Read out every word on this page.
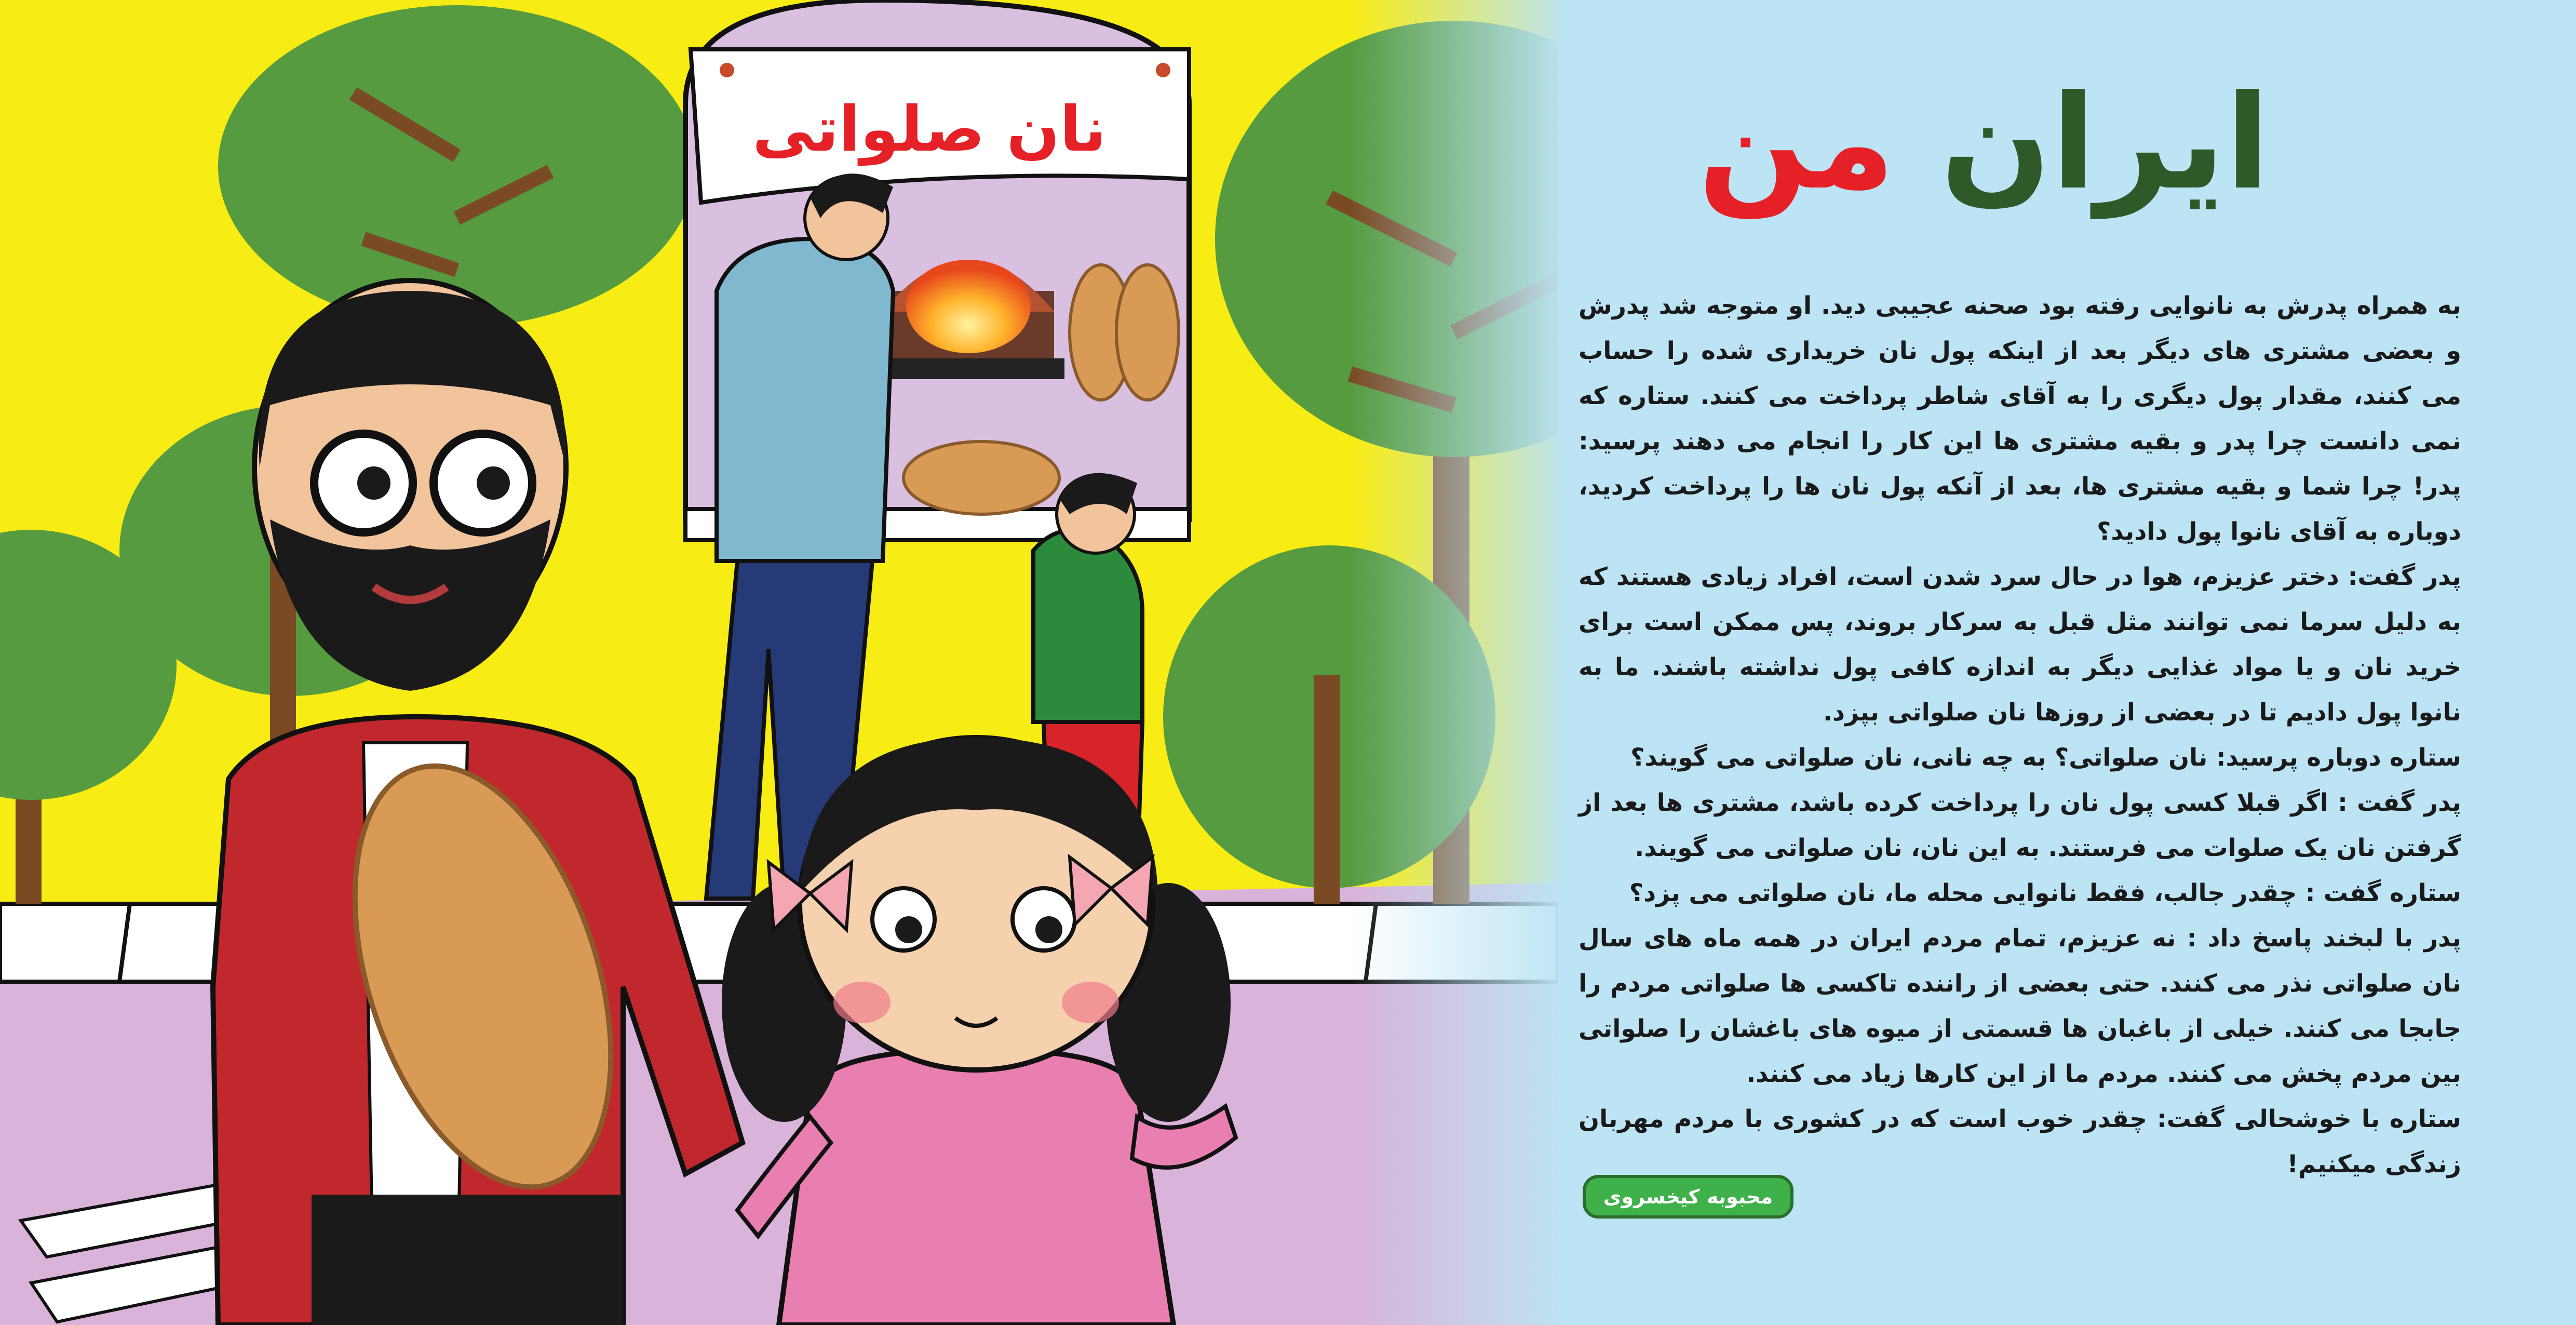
نان صلواتی	ایران من

به همراه پدرش به نانوایی رفته بود صحنه عجیبی دید. او متوجه شد پدرش و بعضی مشتری های دیگر بعد از اینکه پول نان خریداری شده را حساب می کنند، مقدار پول دیگری را به آقای شاطر پرداخت می کنند. ستاره که نمی دانست چرا پدر و بقیه مشتری ها این کار را انجام می دهند پرسید: پدر! چرا شما و بقیه مشتری ها، بعد از آنکه پول نان ها را پرداخت کردید، دوباره به آقای نانوا پول دادید؟

پدر گفت: دختر عزیزم، هوا در حال سرد شدن است، افراد زیادی هستند که به دلیل سرما نمی توانند مثل قبل به سرکار بروند، پس ممکن است برای خرید نان و یا مواد غذایی دیگر به اندازه کافی پول نداشته باشند. ما به نانوا پول دادیم تا در بعضی از روزها نان صلواتی بپزد.

ستاره دوباره پرسید: نان صلواتی؟ به چه نانی، نان صلواتی می گویند؟

پدر گفت : اگر قبلا کسی پول نان را پرداخت کرده باشد، مشتری ها بعد از گرفتن نان یک صلوات می فرستند. به این نان، نان صلواتی می گویند.

ستاره گفت : چقدر جالب، فقط نانوایی محله ما، نان صلواتی می پزد؟

پدر با لبخند پاسخ داد : نه عزیزم، تمام مردم ایران در همه ماه های سال نان صلواتی نذر می کنند. حتی بعضی از راننده تاکسی ها صلواتی مردم را جابجا می کنند. خیلی از باغبان ها قسمتی از میوه های باغشان را صلواتی بین مردم پخش می کنند. مردم ما از این کارها زیاد می کنند.

ستاره با خوشحالی گفت: چقدر خوب است که در کشوری با مردم مهربان زندگی میکنیم!

محبوبه کیخسروی
